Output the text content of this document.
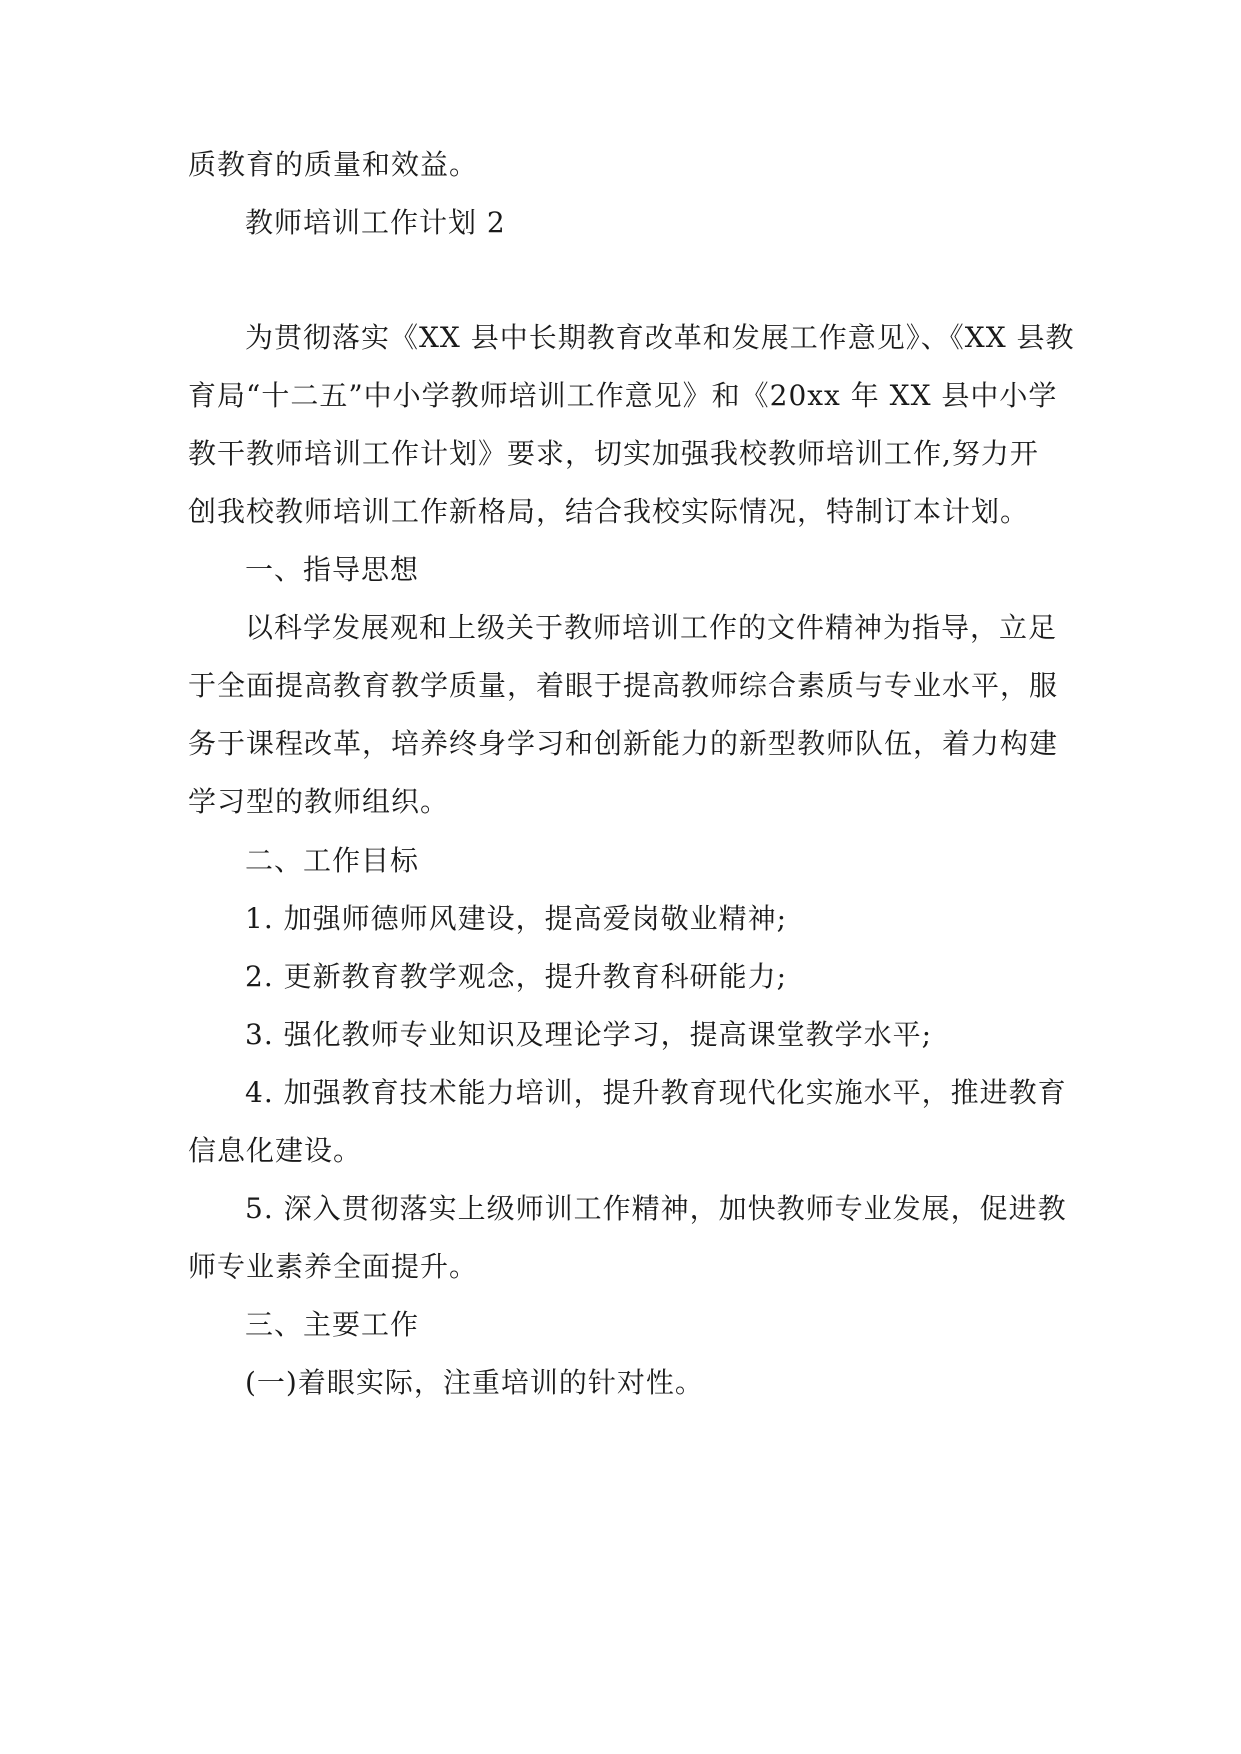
质教育的质量和效益。
教师培训工作计划 2
为贯彻落实《XX 县中长期教育改革和发展工作意见》、《XX 县教
育局“十二五”中小学教师培训工作意见》和《20xx 年 XX 县中小学
教干教师培训工作计划》要求，切实加强我校教师培训工作,努力开
创我校教师培训工作新格局，结合我校实际情况，特制订本计划。
一、指导思想
以科学发展观和上级关于教师培训工作的文件精神为指导，立足
于全面提高教育教学质量，着眼于提高教师综合素质与专业水平，服
务于课程改革，培养终身学习和创新能力的新型教师队伍，着力构建
学习型的教师组织。
二、工作目标
1. 加强师德师风建设，提高爱岗敬业精神;
2. 更新教育教学观念，提升教育科研能力;
3. 强化教师专业知识及理论学习，提高课堂教学水平;
4. 加强教育技术能力培训，提升教育现代化实施水平，推进教育
信息化建设。
5. 深入贯彻落实上级师训工作精神，加快教师专业发展，促进教
师专业素养全面提升。
三、主要工作
(一)着眼实际，注重培训的针对性。
